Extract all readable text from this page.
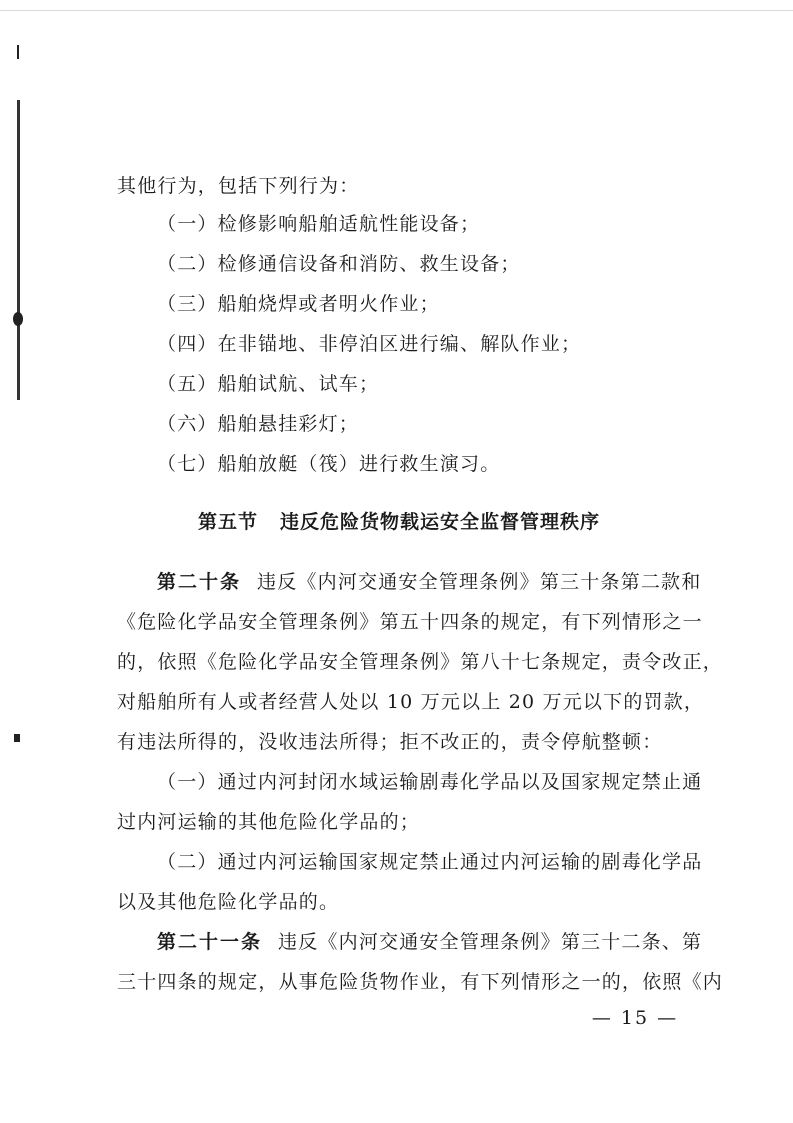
其他行为，包括下列行为：
（一）检修影响船舶适航性能设备；
（二）检修通信设备和消防、救生设备；
（三）船舶烧焊或者明火作业；
（四）在非锚地、非停泊区进行编、解队作业；
（五）船舶试航、试车；
（六）船舶悬挂彩灯；
（七）船舶放艇（筏）进行救生演习。
第五节 违反危险货物载运安全监督管理秩序
第二十条 违反《内河交通安全管理条例》第三十条第二款和
《危险化学品安全管理条例》第五十四条的规定，有下列情形之一
的，依照《危险化学品安全管理条例》第八十七条规定，责令改正，
对船舶所有人或者经营人处以 10 万元以上 20 万元以下的罚款，
有违法所得的，没收违法所得；拒不改正的，责令停航整顿：
（一）通过内河封闭水域运输剧毒化学品以及国家规定禁止通
过内河运输的其他危险化学品的；
（二）通过内河运输国家规定禁止通过内河运输的剧毒化学品
以及其他危险化学品的。
第二十一条 违反《内河交通安全管理条例》第三十二条、第
三十四条的规定，从事危险货物作业，有下列情形之一的，依照《内
— 15 —
